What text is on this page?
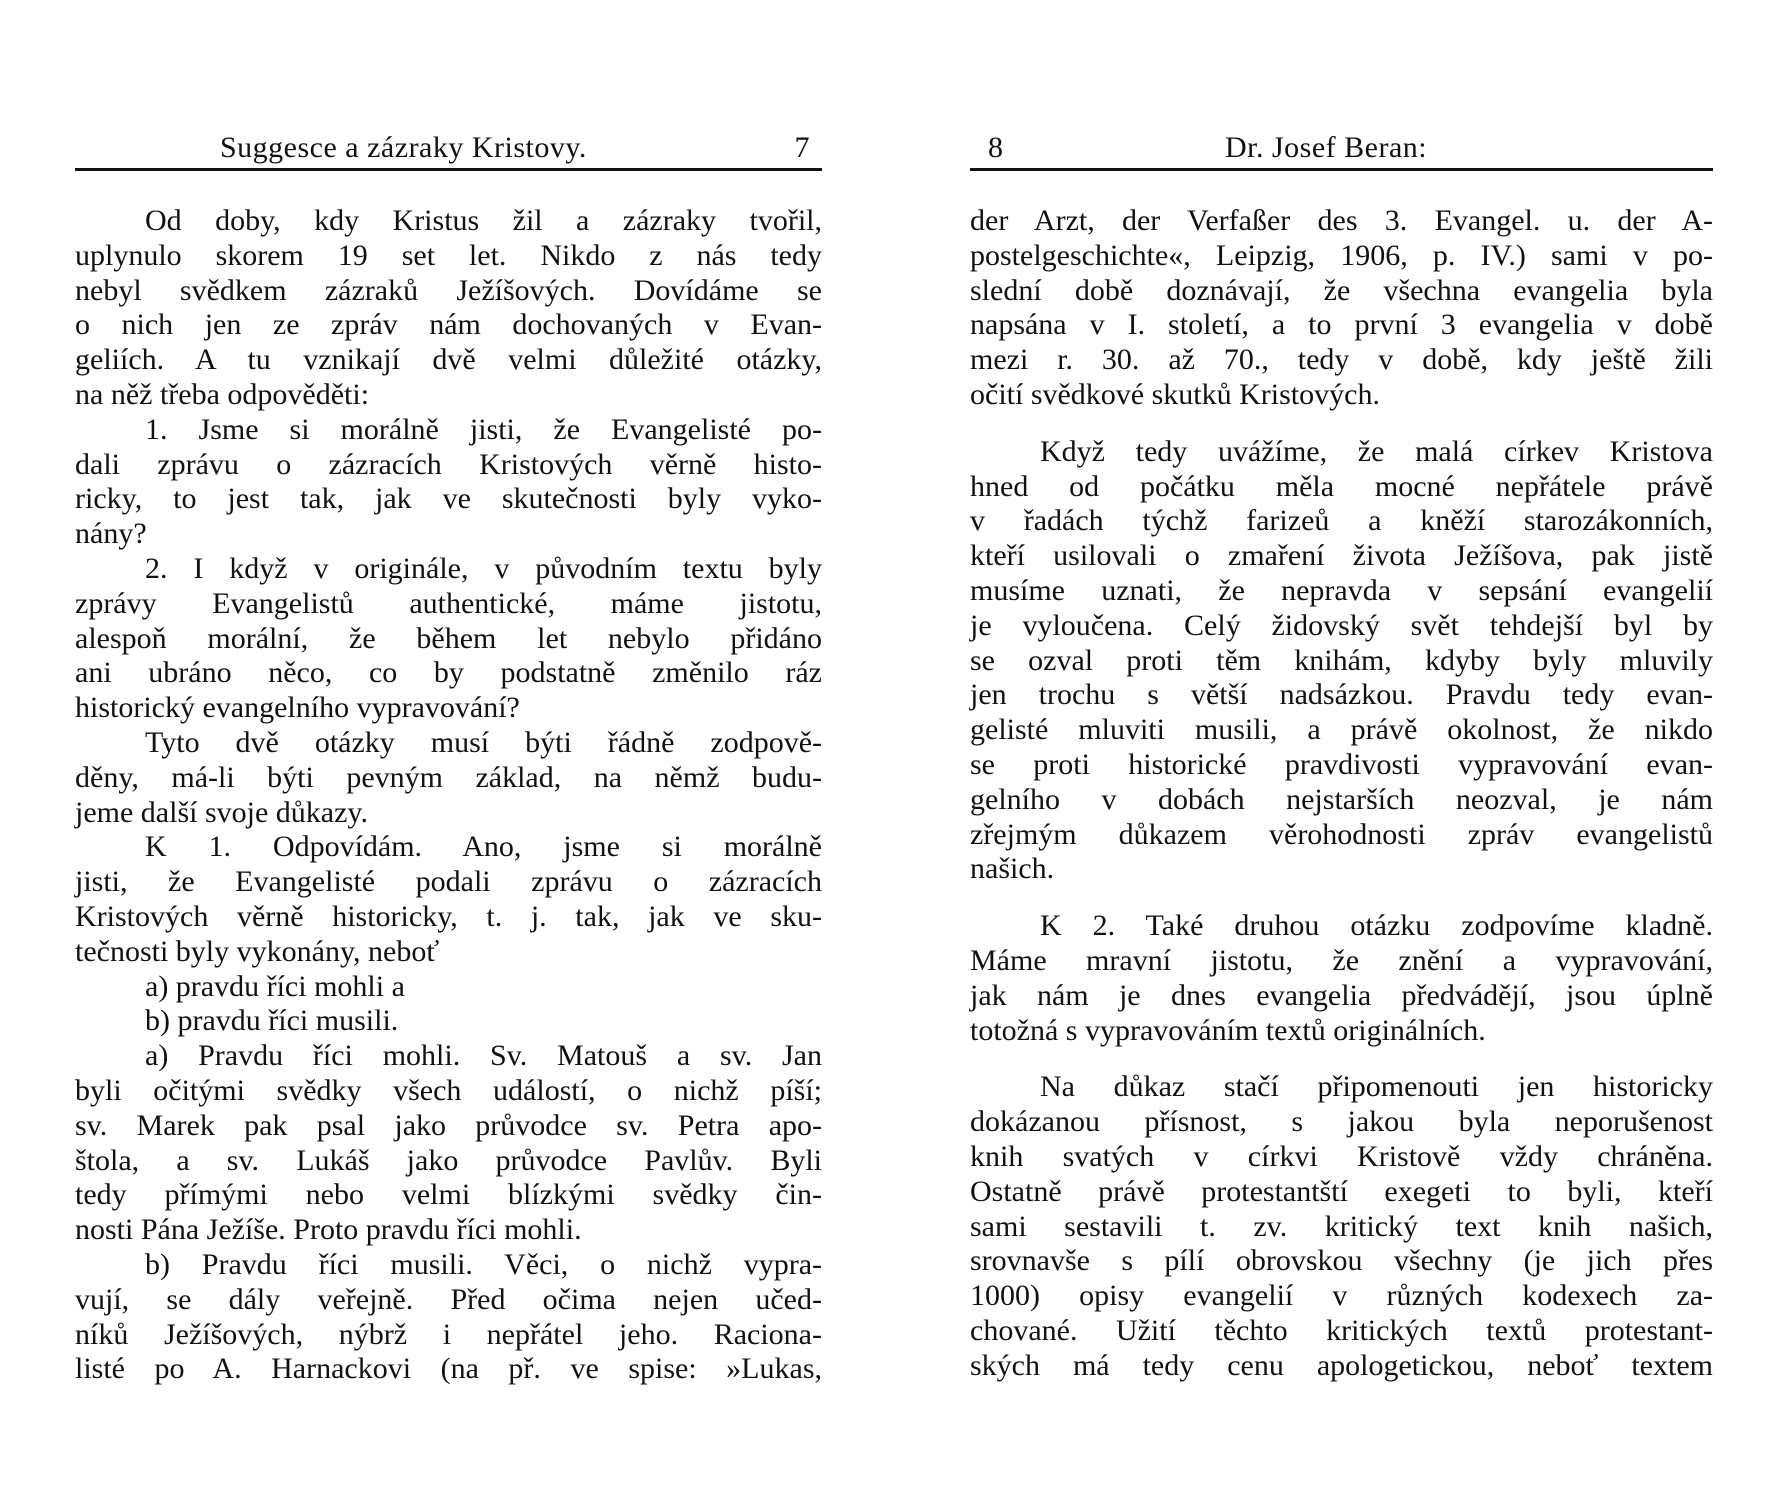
Suggesce a zázraky Kristovy.	7
Od doby, kdy Kristus žil a zázraky tvořil,
uplynulo skorem 19 set let. Nikdo z nás tedy
nebyl svědkem zázraků Ježíšových. Dovídáme se
o nich jen ze zpráv nám dochovaných v Evan-
geliích. A tu vznikají dvě velmi důležité otázky,
na něž třeba odpověděti:
1. Jsme si morálně jisti, že Evangelisté po-
dali zprávu o zázracích Kristových věrně histo-
ricky, to jest tak, jak ve skutečnosti byly vyko-
nány?
2. I když v originále, v původním textu byly
zprávy Evangelistů authentické, máme jistotu,
alespoň morální, že během let nebylo přidáno
ani ubráno něco, co by podstatně změnilo ráz
historický evangelního vypravování?
Tyto dvě otázky musí býti řádně zodpově-
děny, má-li býti pevným základ, na němž budu-
jeme další svoje důkazy.
K 1. Odpovídám. Ano, jsme si morálně
jisti, že Evangelisté podali zprávu o zázracích
Kristových věrně historicky, t. j. tak, jak ve sku-
tečnosti byly vykonány, neboť
a) pravdu říci mohli a
b) pravdu říci musili.
a) Pravdu říci mohli. Sv. Matouš a sv. Jan
byli očitými svědky všech událostí, o nichž píší;
sv. Marek pak psal jako průvodce sv. Petra apo-
štola, a sv. Lukáš jako průvodce Pavlův. Byli
tedy přímými nebo velmi blízkými svědky čin-
nosti Pána Ježíše. Proto pravdu říci mohli.
b) Pravdu říci musili. Věci, o nichž vypra-
vují, se dály veřejně. Před očima nejen učed-
níků Ježíšových, nýbrž i nepřátel jeho. Raciona-
listé po A. Harnackovi (na př. ve spise: »Lukas,
8	Dr. Josef Beran:
der Arzt, der Verfaßer des 3. Evangel. u. der A-
postelgeschichte«, Leipzig, 1906, p. IV.) sami v po-
slední době doznávají, že všechna evangelia byla
napsána v I. století, a to první 3 evangelia v době
mezi r. 30. až 70., tedy v době, kdy ještě žili
očití svědkové skutků Kristových.
Když tedy uvážíme, že malá církev Kristova
hned od počátku měla mocné nepřátele právě
v řadách týchž farizeů a kněží starozákonních,
kteří usilovali o zmaření života Ježíšova, pak jistě
musíme uznati, že nepravda v sepsání evangelií
je vyloučena. Celý židovský svět tehdejší byl by
se ozval proti těm knihám, kdyby byly mluvily
jen trochu s větší nadsázkou. Pravdu tedy evan-
gelisté mluviti musili, a právě okolnost, že nikdo
se proti historické pravdivosti vypravování evan-
gelního v dobách nejstarších neozval, je nám
zřejmým důkazem věrohodnosti zpráv evangelistů
našich.
K 2. Také druhou otázku zodpovíme kladně.
Máme mravní jistotu, že znění a vypravování,
jak nám je dnes evangelia předvádějí, jsou úplně
totožná s vypravováním textů originálních.
Na důkaz stačí připomenouti jen historicky
dokázanou přísnost, s jakou byla neporušenost
knih svatých v církvi Kristově vždy chráněna.
Ostatně právě protestantští exegeti to byli, kteří
sami sestavili t. zv. kritický text knih našich,
srovnavše s pílí obrovskou všechny (je jich přes
1000) opisy evangelií v různých kodexech za-
chované. Užití těchto kritických textů protestant-
ských má tedy cenu apologetickou, neboť textem
